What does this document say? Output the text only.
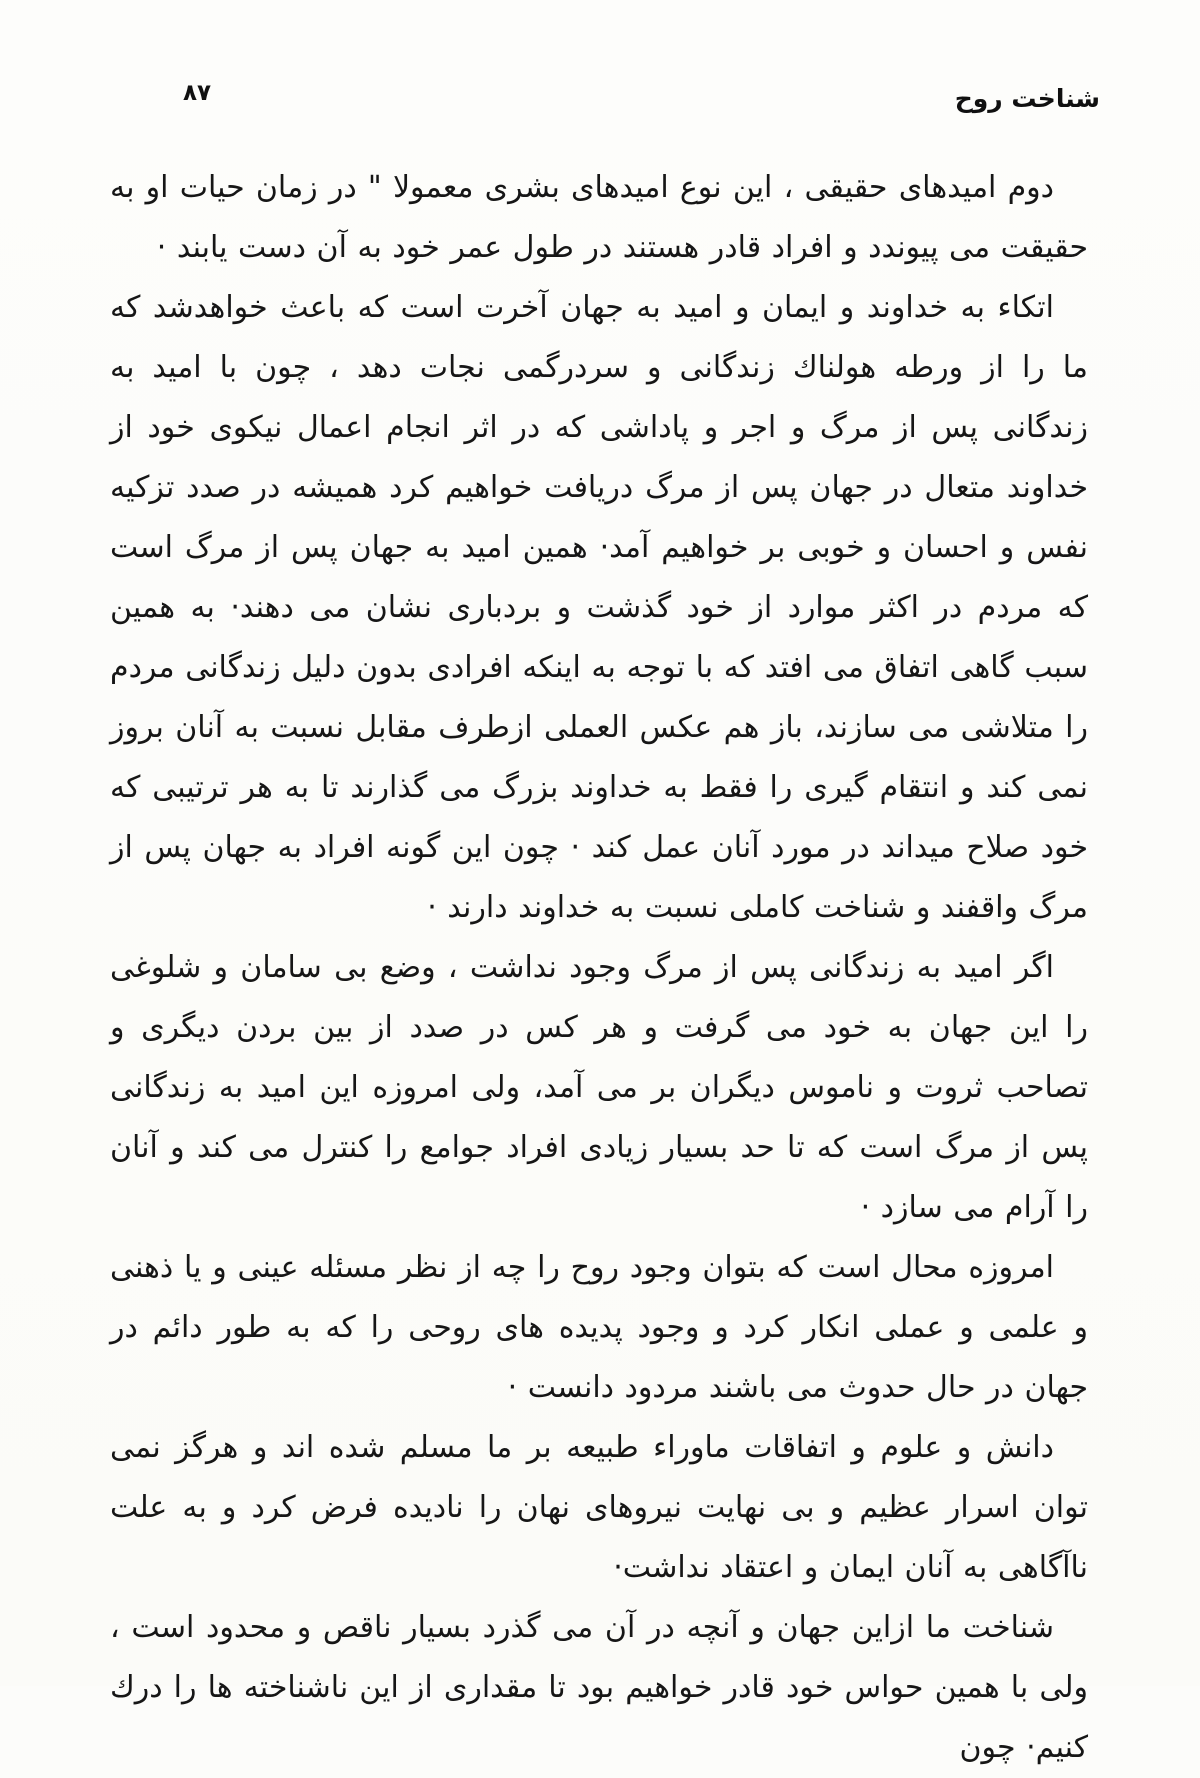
۸۷	شناخت روح

دوم امیدهای حقیقی ، این نوع امیدهای بشری معمولا " در زمان حیات او به حقیقت می پیوندد و افراد قادر هستند در طول عمر خود به آن دست یابند ·

اتكاء به خداوند و ایمان و امید به جهان آخرت است كه باعث خواهدشد كه ما را از ورطه هولناك زندگانی و سردرگمی نجات دهد ، چون با امید به زندگانی پس از مرگ و اجر و پاداشی كه در اثر انجام اعمال نیكوی خود از خداوند متعال در جهان پس از مرگ دریافت خواهیم كرد همیشه در صدد تزكیه نفس و احسان و خوبی بر خواهیم آمد· همین امید به جهان پس از مرگ است كه مردم در اكثر موارد از خود گذشت و بردباری نشان می دهند· به همین سبب گاهی اتفاق می افتد كه با توجه به اینكه افرادی بدون دلیل زندگانی مردم را متلاشی می سازند، باز هم عكس العملی ازطرف مقابل نسبت به آنان بروز نمی كند و انتقام گیری را فقط به خداوند بزرگ می گذارند تا به هر ترتیبی كه خود صلاح میداند در مورد آنان عمل كند · چون این گونه افراد به جهان پس از مرگ واقفند و شناخت كاملی نسبت به خداوند دارند ·

اگر امید به زندگانی پس از مرگ وجود نداشت ، وضع بی سامان و شلوغی را این جهان به خود می گرفت و هر كس در صدد از بین بردن دیگری و تصاحب ثروت و ناموس دیگران بر می آمد، ولی امروزه این امید به زندگانی پس از مرگ است كه تا حد بسیار زیادی افراد جوامع را كنترل می كند و آنان را آرام می سازد ·

امروزه محال است كه بتوان وجود روح را چه از نظر مسئله عینی و یا ذهنی و علمی و عملی انكار كرد و وجود پدیده های روحی را كه به طور دائم در جهان در حال حدوث می باشند مردود دانست ·

دانش و علوم و اتفاقات ماوراء طبیعه بر ما مسلم شده اند و هرگز نمی توان اسرار عظیم و بی نهایت نیروهای نهان را نادیده فرض كرد و به علت ناآگاهی به آنان ایمان و اعتقاد نداشت·

شناخت ما ازاین جهان و آنچه در آن می گذرد بسیار ناقص و محدود است ، ولی با همین حواس خود قادر خواهیم بود تا مقداری از این ناشناخته ها را درك كنیم· چون
